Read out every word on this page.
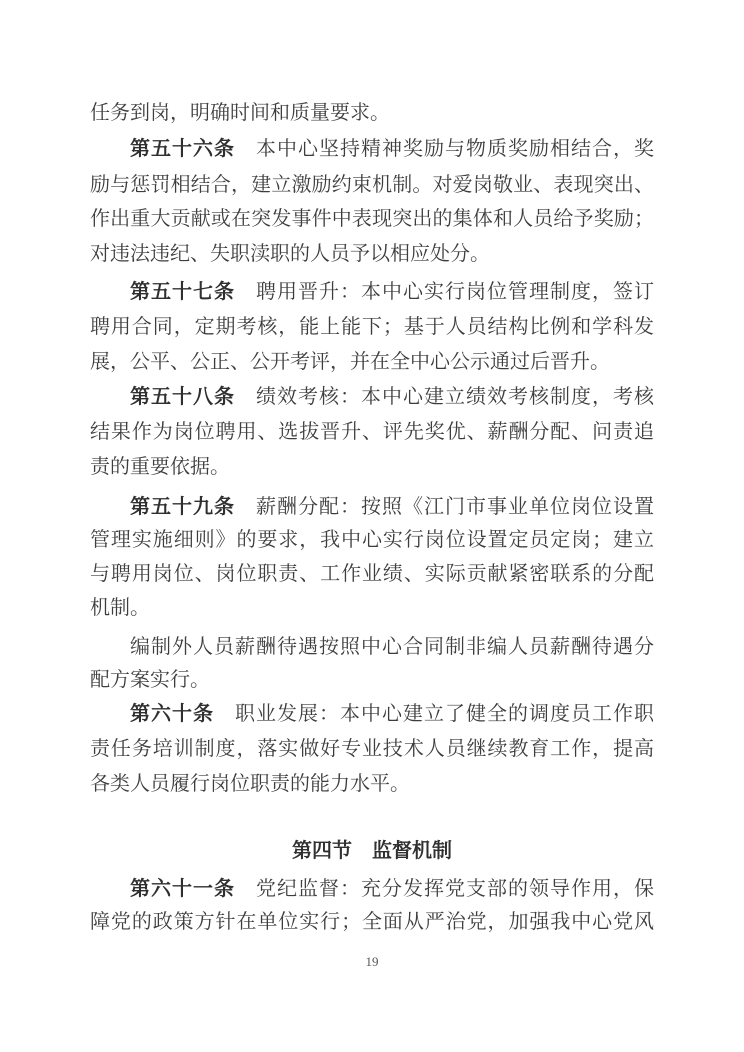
任务到岗，明确时间和质量要求。
第五十六条　本中心坚持精神奖励与物质奖励相结合，奖
励与惩罚相结合，建立激励约束机制。对爱岗敬业、表现突出、
作出重大贡献或在突发事件中表现突出的集体和人员给予奖励；
对违法违纪、失职渎职的人员予以相应处分。
第五十七条　聘用晋升：本中心实行岗位管理制度，签订
聘用合同，定期考核，能上能下；基于人员结构比例和学科发
展，公平、公正、公开考评，并在全中心公示通过后晋升。
第五十八条　绩效考核：本中心建立绩效考核制度，考核
结果作为岗位聘用、选拔晋升、评先奖优、薪酬分配、问责追
责的重要依据。
第五十九条　薪酬分配：按照《江门市事业单位岗位设置
管理实施细则》的要求，我中心实行岗位设置定员定岗；建立
与聘用岗位、岗位职责、工作业绩、实际贡献紧密联系的分配
机制。
编制外人员薪酬待遇按照中心合同制非编人员薪酬待遇分
配方案实行。
第六十条　职业发展：本中心建立了健全的调度员工作职
责任务培训制度，落实做好专业技术人员继续教育工作，提高
各类人员履行岗位职责的能力水平。
第四节　监督机制
第六十一条　党纪监督：充分发挥党支部的领导作用，保
障党的政策方针在单位实行；全面从严治党，加强我中心党风
19
